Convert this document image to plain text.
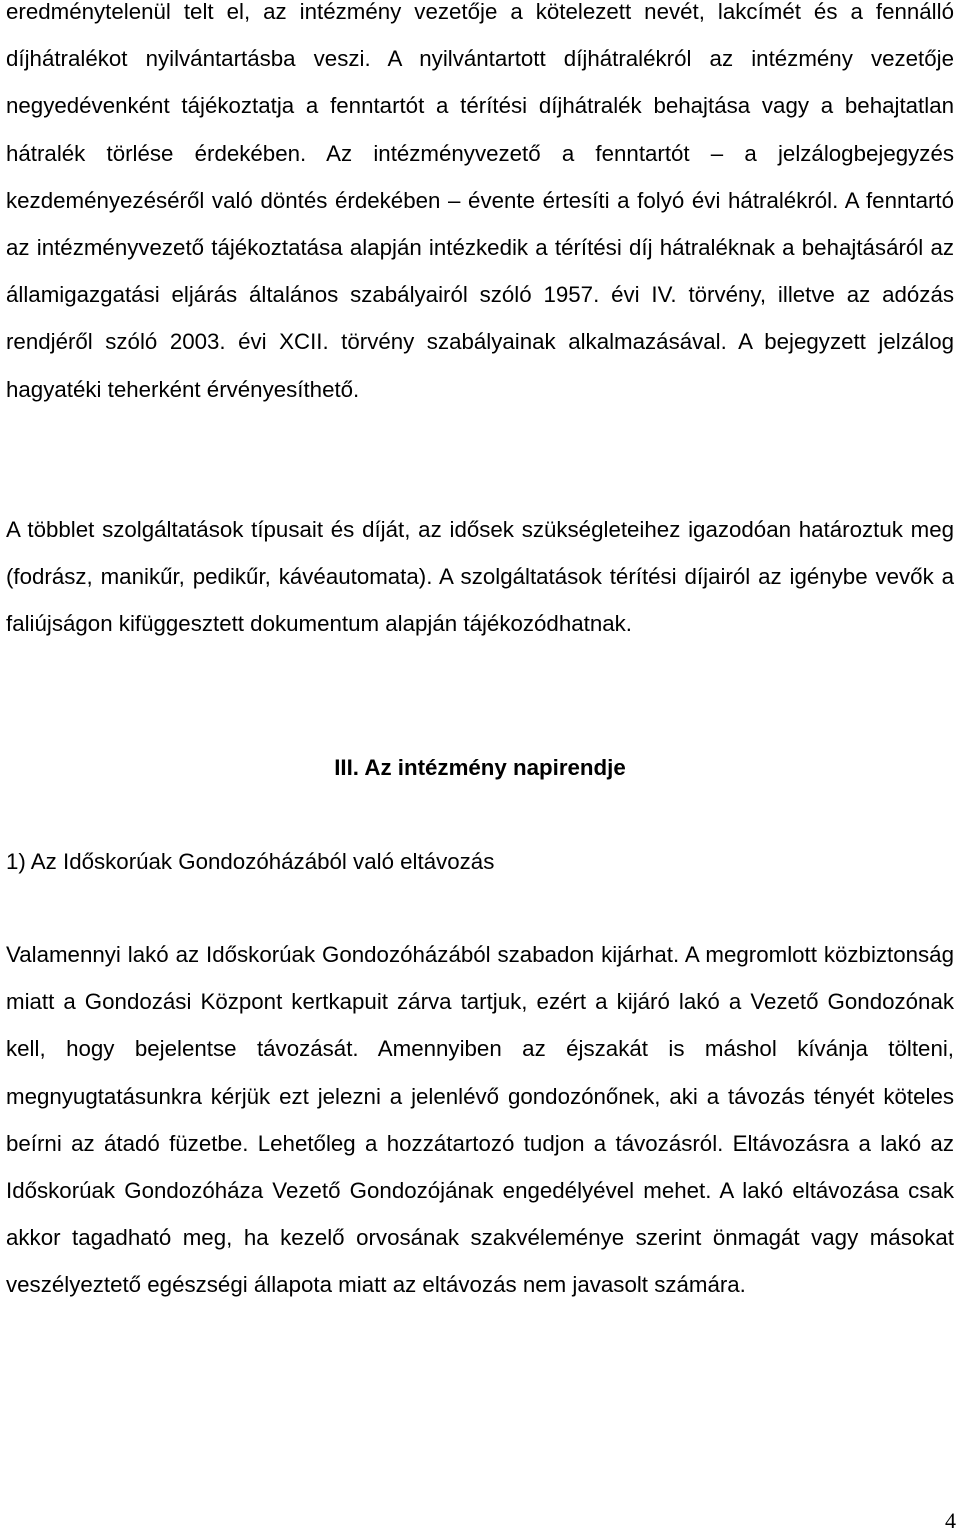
eredménytelenül telt el, az intézmény vezetője a kötelezett nevét, lakcímét és a fennálló díjhátralékot nyilvántartásba veszi. A nyilvántartott díjhátralékról az intézmény vezetője negyedévenként tájékoztatja a fenntartót a térítési díjhátralék behajtása vagy a behajtatlan hátralék törlése érdekében. Az intézményvezető a fenntartót – a jelzálogbejegyzés kezdeményezéséről való döntés érdekében – évente értesíti a folyó évi hátralékról. A fenntartó az intézményvezető tájékoztatása alapján intézkedik a térítési díj hátraléknak a behajtásáról az államigazgatási eljárás általános szabályairól szóló 1957. évi IV. törvény, illetve az adózás rendjéről szóló 2003. évi XCII. törvény szabályainak alkalmazásával. A bejegyzett jelzálog hagyatéki teherként érvényesíthető.

A többlet szolgáltatások típusait és díját, az idősek szükségleteihez igazodóan határoztuk meg (fodrász, manikűr, pedikűr, kávéautomata). A szolgáltatások térítési díjairól az igénybe vevők a faliújságon kifüggesztett dokumentum alapján tájékozódhatnak.

III. Az intézmény napirendje

1) Az Időskorúak Gondozóházából való eltávozás

Valamennyi lakó az Időskorúak Gondozóházából szabadon kijárhat. A megromlott közbiztonság miatt a Gondozási Központ kertkapuit zárva tartjuk, ezért a kijáró lakó a Vezető Gondozónak kell, hogy bejelentse távozását. Amennyiben az éjszakát is máshol kívánja tölteni, megnyugtatásunkra kérjük ezt jelezni a jelenlévő gondozónőnek, aki a távozás tényét köteles beírni az átadó füzetbe. Lehetőleg a hozzátartozó tudjon a távozásról. Eltávozásra a lakó az Időskorúak Gondozóháza Vezető Gondozójának engedélyével mehet. A lakó eltávozása csak akkor tagadható meg, ha kezelő orvosának szakvéleménye szerint önmagát vagy másokat veszélyeztető egészségi állapota miatt az eltávozás nem javasolt számára.

4
